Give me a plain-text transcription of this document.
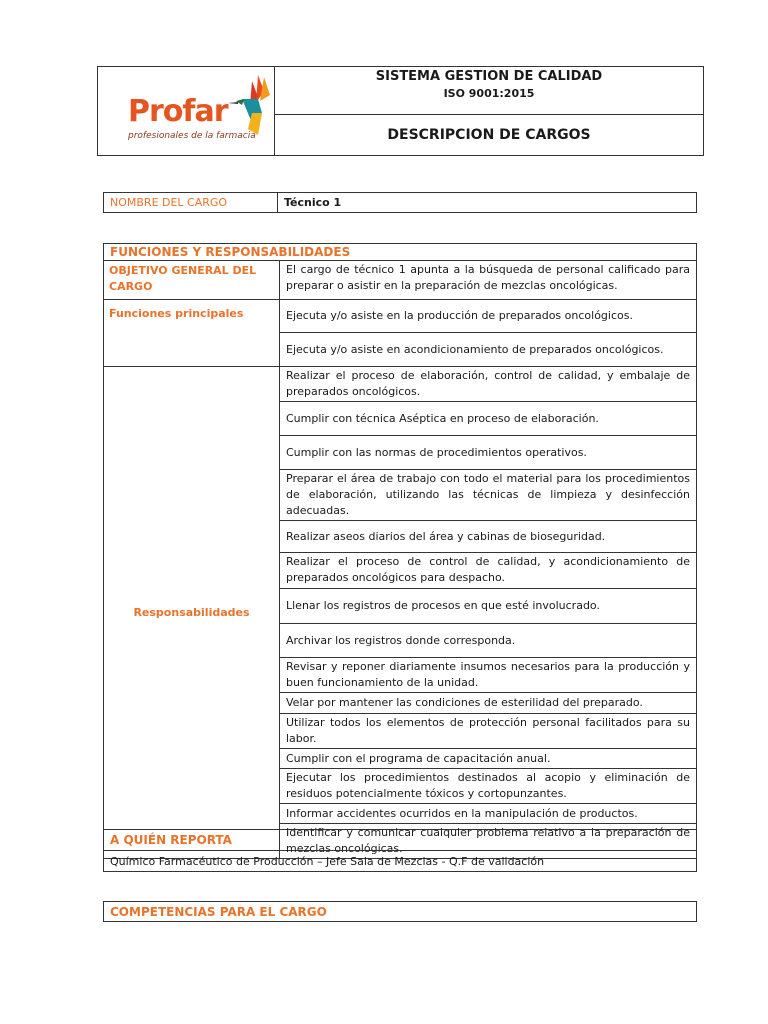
Profar
profesionales de la farmacia

SISTEMA GESTION DE CALIDAD
ISO 9001:2015

DESCRIPCION DE CARGOS
NOMBRE DEL CARGO	Técnico 1
FUNCIONES Y RESPONSABILIDADES	
OBJETIVO GENERAL DEL CARGO	El cargo de técnico 1 apunta a la búsqueda de personal calificado para preparar o asistir en la preparación de mezclas oncológicas.
Funciones principales	Ejecuta y/o asiste en la producción de preparados oncológicos.
	Ejecuta y/o asiste en acondicionamiento de preparados oncológicos.
Responsabilidades	Realizar el proceso de elaboración, control de calidad, y embalaje de preparados oncológicos.
	Cumplir con técnica Aséptica en proceso de elaboración.
	Cumplir con las normas de procedimientos operativos.
	Preparar el área de trabajo con todo el material para los procedimientos de elaboración, utilizando las técnicas de limpieza y desinfección adecuadas.
	Realizar aseos diarios del área y cabinas de bioseguridad.
	Realizar el proceso de control de calidad, y acondicionamiento de preparados oncológicos para despacho.
	Llenar los registros de procesos en que esté involucrado.
	Archivar los registros donde corresponda.
	Revisar y reponer diariamente insumos necesarios para la producción y buen funcionamiento de la unidad.
	Velar por mantener las condiciones de esterilidad del preparado.
	Utilizar todos los elementos de protección personal facilitados para su labor.
	Cumplir con el programa de capacitación anual.
	Ejecutar los procedimientos destinados al acopio y eliminación de residuos potencialmente tóxicos y cortopunzantes.
	Informar accidentes ocurridos en la manipulación de productos.
	Identificar y comunicar cualquier problema relativo a la preparación de mezclas oncológicas.
A QUIÉN REPORTA
Químico Farmacéutico de Producción – Jefe Sala de Mezclas - Q.F de validación
COMPETENCIAS PARA EL CARGO
